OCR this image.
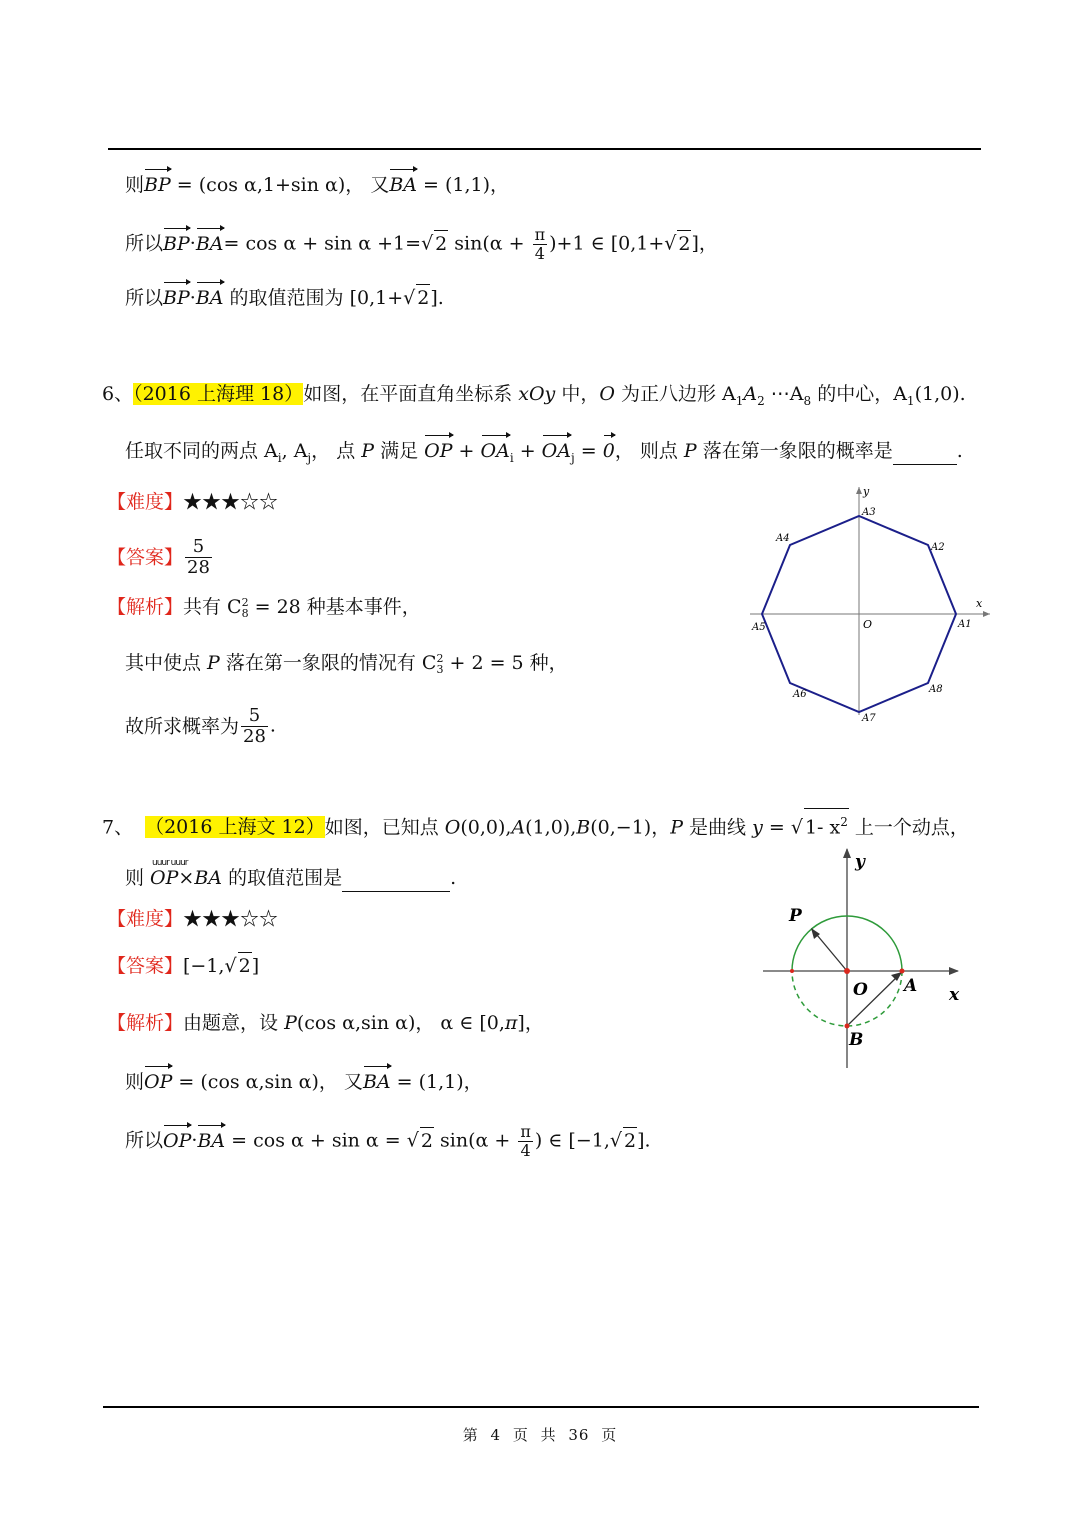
则BP = (cos α,1+sin α)， 又BA = (1,1)，
所以BP·BA= cos α + sin α +1=√ 2 $\sin(\alpha + \frac{\pi}{4} )+1$ ∈ [0,1+√ 2]，
所以BP·BA 的取值范围为 [0,1+√ 2].
6、（2016 上海理 18）如图，在平面直角坐标系 xOy 中，O 为正八边形 $A_1A_2$ $\cdots A_8$ 的中心，$A_1(1,0)$.
任取不同的两点 $A_i$, $A_j$， 点 P 满足 OP + $OA_i + OA_j = 0$， 则点 P 落在第一象限的概率是	.
【难度】★★★☆☆
【答案】 $\frac{5}{28}$
【解析】共有 C 2
8 = 28 种基本事件，
其中使点 P 落在第一象限的情况有 C 2
3 + 2 = 5 种，
故所求概率为 $\frac{5}{28}$ .
y
x
O	A1
A2
A3
A4
A5
A6
A7
A8
7、 （2016 上海文 12）如图，已知点 O(0,0),A(1,0),B(0,−1)，P 是曲线 y = √ 1- $x^2$ 上一个动点，
uuur uuur
则 OP×BA 的取值范围是	.
【难度】★★★☆☆
【答案】[−1,√ 2]
【解析】由题意，设 P(cos α,sin α)， α ∈ [0,π]，
则OP = (cos α,sin α)， 又BA = (1,1)，
所以OP·BA = cos α + sin α = √ 2 $\sin(\alpha + \frac{\pi}{4}$ ) ∈ [−1,√ 2].
y
x
O A
B
P
第 4 页 共 36 页
